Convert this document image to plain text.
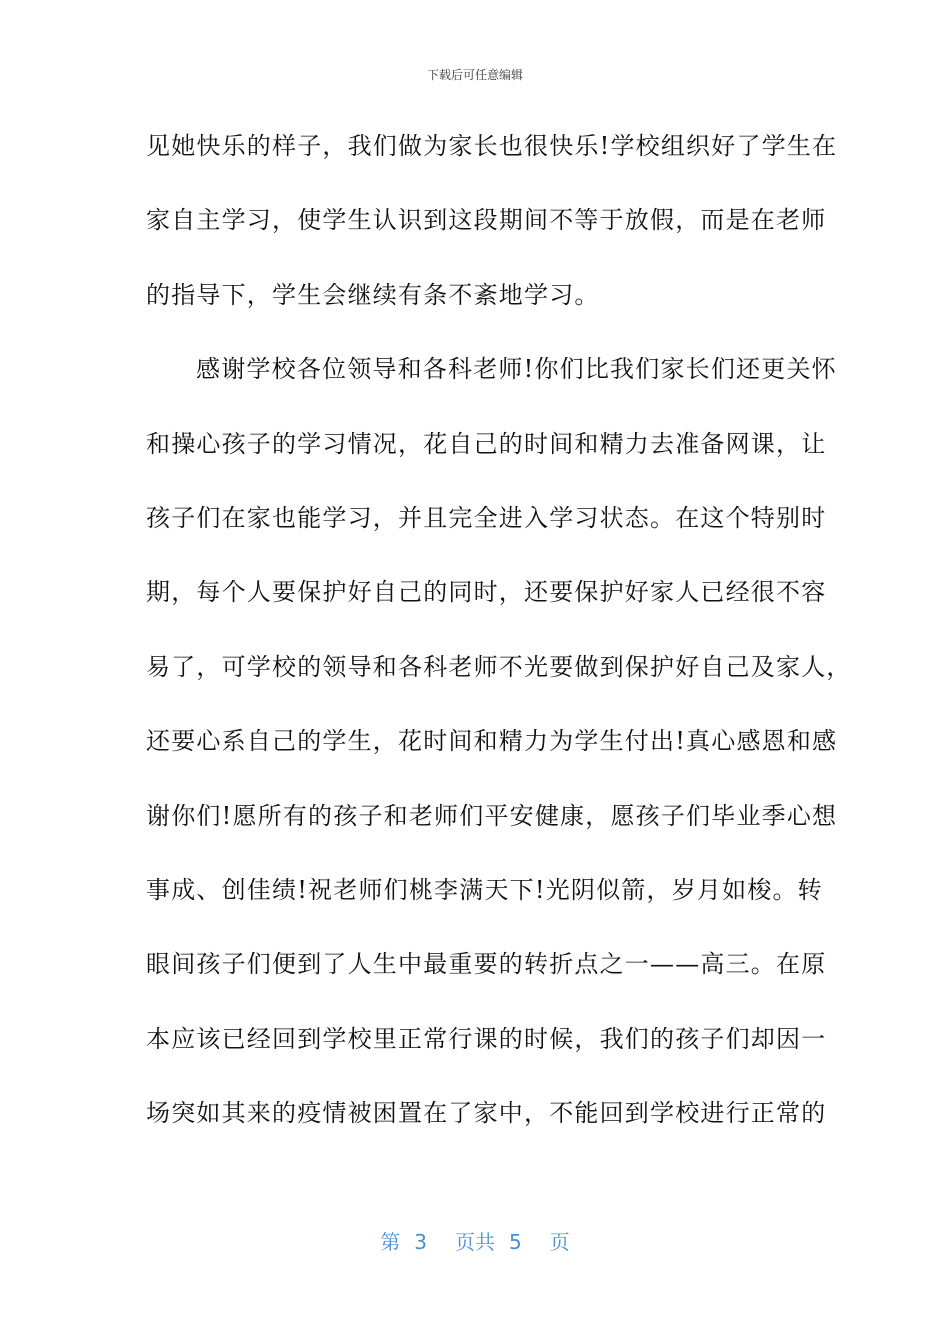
下载后可任意编辑
见她快乐的样子，我们做为家长也很快乐!学校组织好了学生在
家自主学习，使学生认识到这段期间不等于放假，而是在老师
的指导下，学生会继续有条不紊地学习。
感谢学校各位领导和各科老师!你们比我们家长们还更关怀
和操心孩子的学习情况，花自己的时间和精力去准备网课，让
孩子们在家也能学习，并且完全进入学习状态。在这个特别时
期，每个人要保护好自己的同时，还要保护好家人已经很不容
易了，可学校的领导和各科老师不光要做到保护好自己及家人，
还要心系自己的学生，花时间和精力为学生付出!真心感恩和感
谢你们!愿所有的孩子和老师们平安健康，愿孩子们毕业季心想
事成、创佳绩!祝老师们桃李满天下!光阴似箭，岁月如梭。转
眼间孩子们便到了人生中最重要的转折点之一——高三。在原
本应该已经回到学校里正常行课的时候，我们的孩子们却因一
场突如其来的疫情被困置在了家中，不能回到学校进行正常的
第 3 页共 5 页
